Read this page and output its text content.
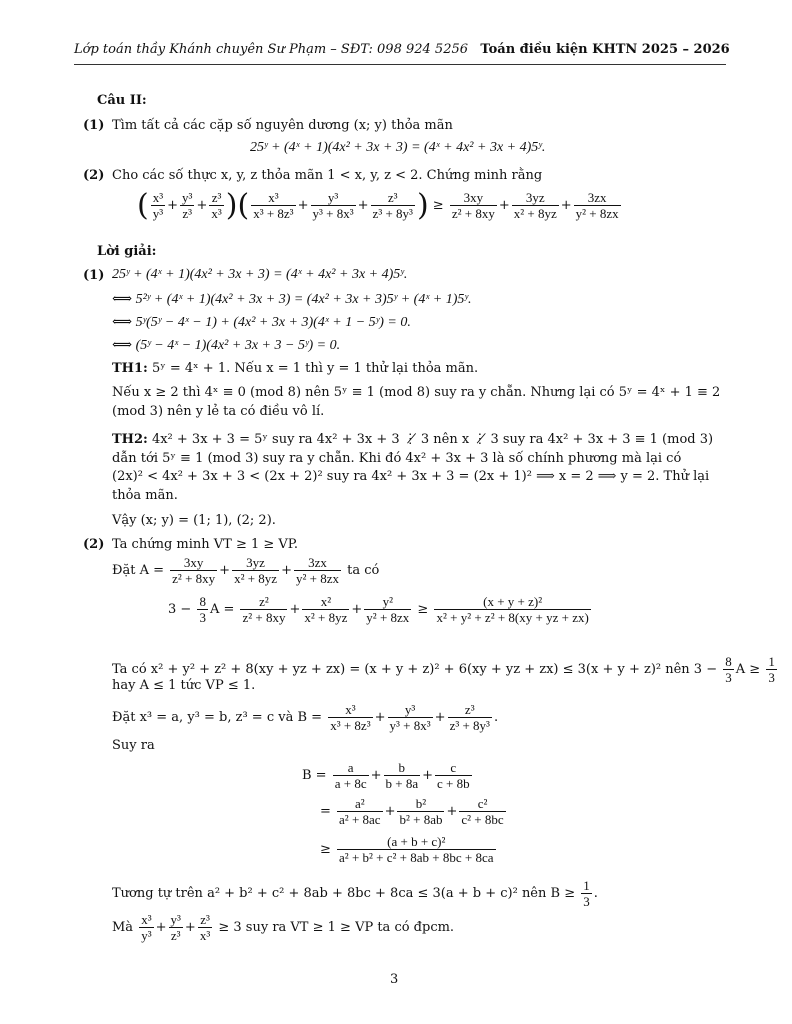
Lớp toán thầy Khánh chuyên Sư Phạm – SĐT: 098 924 5256 Toán điều kiện KHTN 2025 – 2026
Câu II:
(1) Tìm tất cả các cặp số nguyên dương (x; y) thỏa mãn
25ʸ + (4ˣ + 1)(4x² + 3x + 3) = (4ˣ + 4x² + 3x + 4)5ʸ.
(2) Cho các số thực x, y, z thỏa mãn 1 < x, y, z < 2. Chứng minh rằng
( $\frac{\text{x³}}{\text{y³}} + \frac{\text{y³}}{\text{z³}} + \frac{\text{z³}}{\text{x³}}$ )( $\frac{\text{x³}}{\text{x³ + 8z³}} + \frac{\text{y³}}{\text{y³ + 8x³}} + \frac{\text{z³}}{\text{z³ + 8y³}}$ ) ≥ $\frac{3xy}{\text{z² + 8xy}} + \frac{3yz}{\text{x² + 8yz}} + \frac{3zx}{\text{y² + 8zx}}$
Lời giải:
(1) 25ʸ + (4ˣ + 1)(4x² + 3x + 3) = (4ˣ + 4x² + 3x + 4)5ʸ.
⟺ 5²ʸ + (4ˣ + 1)(4x² + 3x + 3) = (4x² + 3x + 3)5ʸ + (4ˣ + 1)5ʸ.
⟺ 5ʸ(5ʸ − 4ˣ − 1) + (4x² + 3x + 3)(4ˣ + 1 − 5ʸ) = 0.
⟺ (5ʸ − 4ˣ − 1)(4x² + 3x + 3 − 5ʸ) = 0.
TH1: 5ʸ = 4ˣ + 1. Nếu x = 1 thì y = 1 thử lại thỏa mãn.
Nếu x ≥ 2 thì 4ˣ ≡ 0 (mod 8) nên 5ʸ ≡ 1 (mod 8) suy ra y chẵn. Nhưng lại có 5ʸ = 4ˣ + 1 ≡ 2
(mod 3) nên y lẻ ta có điều vô lí.
TH2: 4x² + 3x + 3 = 5ʸ suy ra 4x² + 3x + 3 ⋮̸ 3 nên x ⋮̸ 3 suy ra 4x² + 3x + 3 ≡ 1 (mod 3)
dẫn tới 5ʸ ≡ 1 (mod 3) suy ra y chẵn. Khi đó 4x² + 3x + 3 là số chính phương mà lại có
(2x)² < 4x² + 3x + 3 < (2x + 2)² suy ra 4x² + 3x + 3 = (2x + 1)² ⟹ x = 2 ⟹ y = 2. Thử lại
thỏa mãn.
Vậy (x; y) = (1; 1), (2; 2).
(2) Ta chứng minh VT ≥ 1 ≥ VP.
Đặt $A = \frac{3xy}{\text{z² + 8xy}} + \frac{3yz}{\text{x² + 8yz}} + \frac{3zx}{\text{y² + 8zx}}$ ta có
$3 - \frac{8}{3}$ $A = \frac{\text{z²}}{\text{z² + 8xy}} + \frac{\text{x²}}{\text{x² + 8yz}} + \frac{\text{y²}}{\text{y² + 8zx}} \ge \frac{\text{(x + y + z)²}}{\text{x² + y² + z² + 8(xy + yz + zx)}}$
Ta có x² + y² + z² + 8(xy + yz + zx) = (x + y + z)² + 6(xy + yz + zx) ≤ 3(x + y + z)² nên $3 - \frac{8}{3}$ $A \ge \frac{1}{3}$
hay A ≤ 1 tức VP ≤ 1.
Đặt x³ = a, y³ = b, z³ = c và $B = \frac{\text{x³}}{\text{x³ + 8z³}} + \frac{\text{y³}}{\text{y³ + 8x³}} + \frac{\text{z³}}{\text{z³ + 8y³}}$ .
Suy ra
$B = \frac{a}{a + 8c} + \frac{b}{b + 8a} + \frac{c}{c + 8b}$
= $\frac{\text{a²}}{\text{a² + 8ac}} + \frac{\text{b²}}{\text{b² + 8ab}} + \frac{\text{c²}}{\text{c² + 8bc}}$
≥ $\frac{\text{(a + b + c)²}}{\text{a² + b² + c² + 8ab + 8bc + 8ca}}$
Tương tự trên a² + b² + c² + 8ab + 8bc + 8ca ≤ 3(a + b + c)² nên $B \ge \frac{1}{3}$ .
Mà $\frac{\text{x³}}{\text{y³}} + \frac{\text{y³}}{\text{z³}} + \frac{\text{z³}}{\text{x³}} \ge 3$ suy ra VT ≥ 1 ≥ VP ta có đpcm.
3
